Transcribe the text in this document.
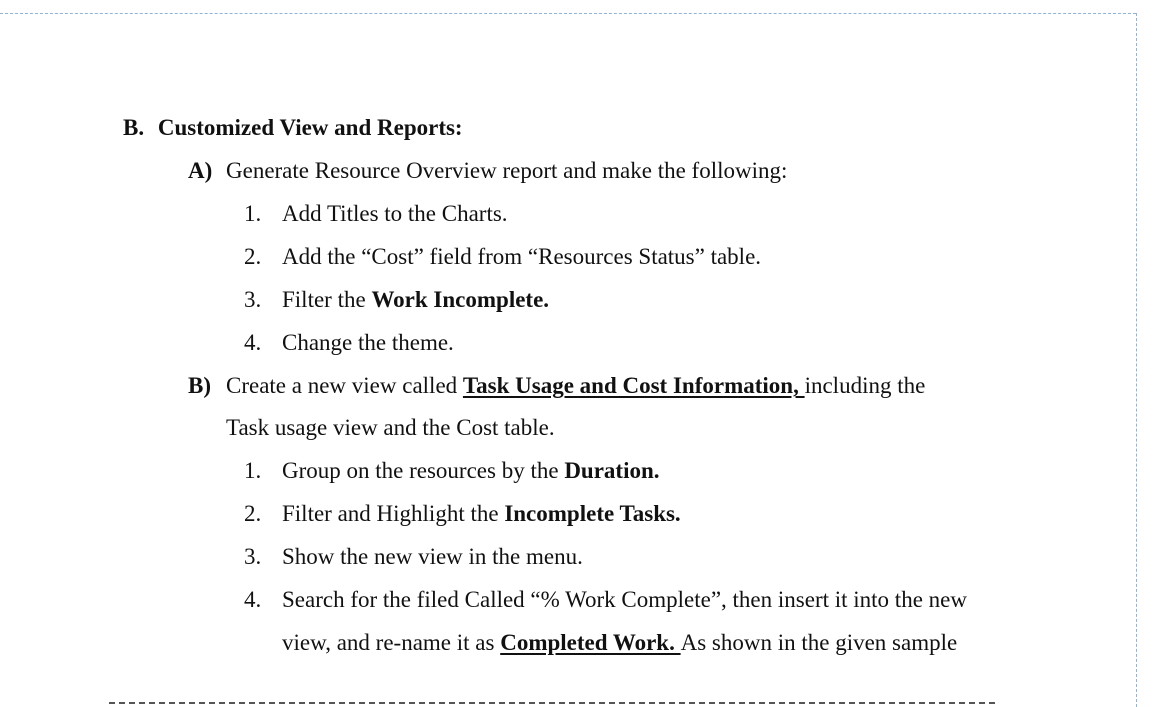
B. Customized View and Reports:
A) Generate Resource Overview report and make the following:
1. Add Titles to the Charts.
2. Add the “Cost” field from “Resources Status” table.
3. Filter the Work Incomplete.
4. Change the theme.
B) Create a new view called Task Usage and Cost Information, including the
Task usage view and the Cost table.
1. Group on the resources by the Duration.
2. Filter and Highlight the Incomplete Tasks.
3. Show the new view in the menu.
4. Search for the filed Called “% Work Complete”, then insert it into the new
view, and re-name it as Completed Work. As shown in the given sample
